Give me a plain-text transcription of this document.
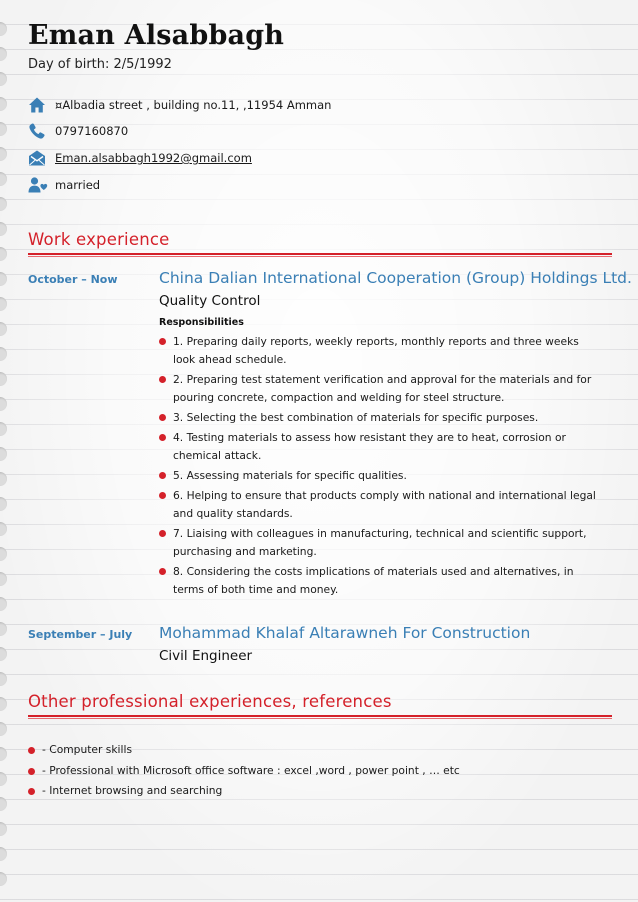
Eman Alsabbagh
Day of birth: 2/5/1992
¤Albadia street , building no.11, ,11954 Amman
0797160870
Eman.alsabbagh1992@gmail.com
married
Work experience
October – Now	China Dalian International Cooperation (Group) Holdings Ltd.
Quality Control
Responsibilities
1. Preparing daily reports, weekly reports, monthly reports and three weeks look ahead schedule.
2. Preparing test statement verification and approval for the materials and for pouring concrete, compaction and welding for steel structure.
3. Selecting the best combination of materials for specific purposes.
4. Testing materials to assess how resistant they are to heat, corrosion or chemical attack.
5. Assessing materials for specific qualities.
6. Helping to ensure that products comply with national and international legal and quality standards.
7. Liaising with colleagues in manufacturing, technical and scientific support, purchasing and marketing.
8. Considering the costs implications of materials used and alternatives, in terms of both time and money.
September – July Mohammad Khalaf Altarawneh For Construction
Civil Engineer
Other professional experiences, references
- Computer skills
- Professional with Microsoft office software : excel ,word , power point , … etc
- Internet browsing and searching
